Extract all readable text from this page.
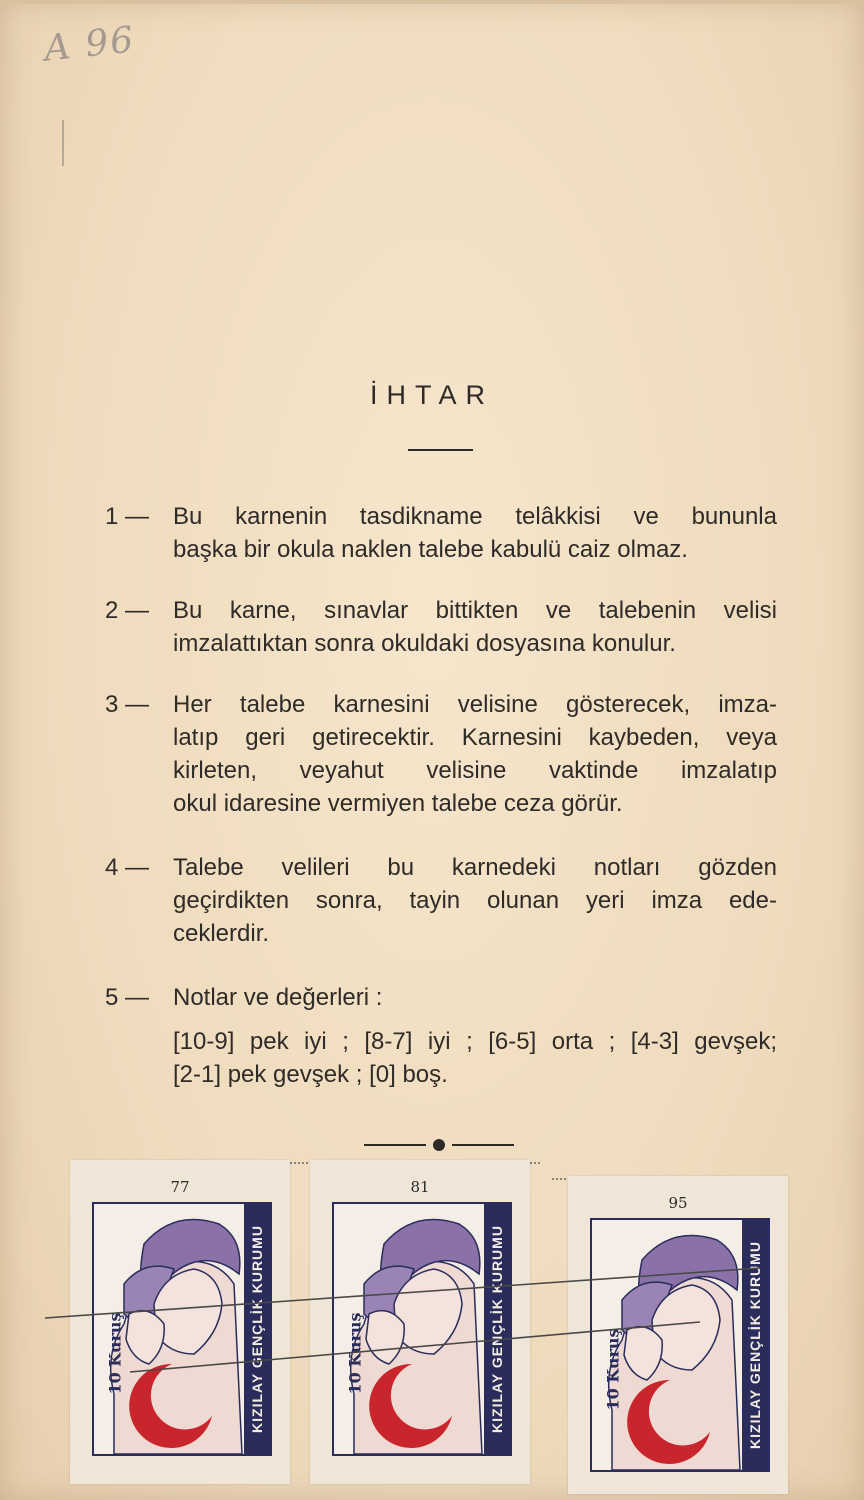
A 96
İHTAR
1 — Bu karnenin tasdikname telâkkisi ve bununla
başka bir okula naklen talebe kabulü caiz olmaz.
2 — Bu karne, sınavlar bittikten ve talebenin velisi
imzalattıktan sonra okuldaki dosyasına konulur.
3 — Her talebe karnesini velisine gösterecek, imza-
latıp geri getirecektir. Karnesini kaybeden, veya
kirleten, veyahut velisine vaktinde imzalatıp
okul idaresine vermiyen talebe ceza görür.
4 — Talebe velileri bu karnedeki notları gözden
geçirdikten sonra, tayin olunan yeri imza ede-
ceklerdir.
5 — Notlar ve değerleri :
[10-9] pek iyi ; [8-7] iyi ; [6-5] orta ; [4-3] gevşek;
[2-1] pek gevşek ; [0] boş.
77
KIZILAY GENÇLİK KURUMU
10 Kuruş
81
KIZILAY GENÇLİK KURUMU
10 Kuruş
95
KIZILAY GENÇLİK KURUMU
10 Kuruş
